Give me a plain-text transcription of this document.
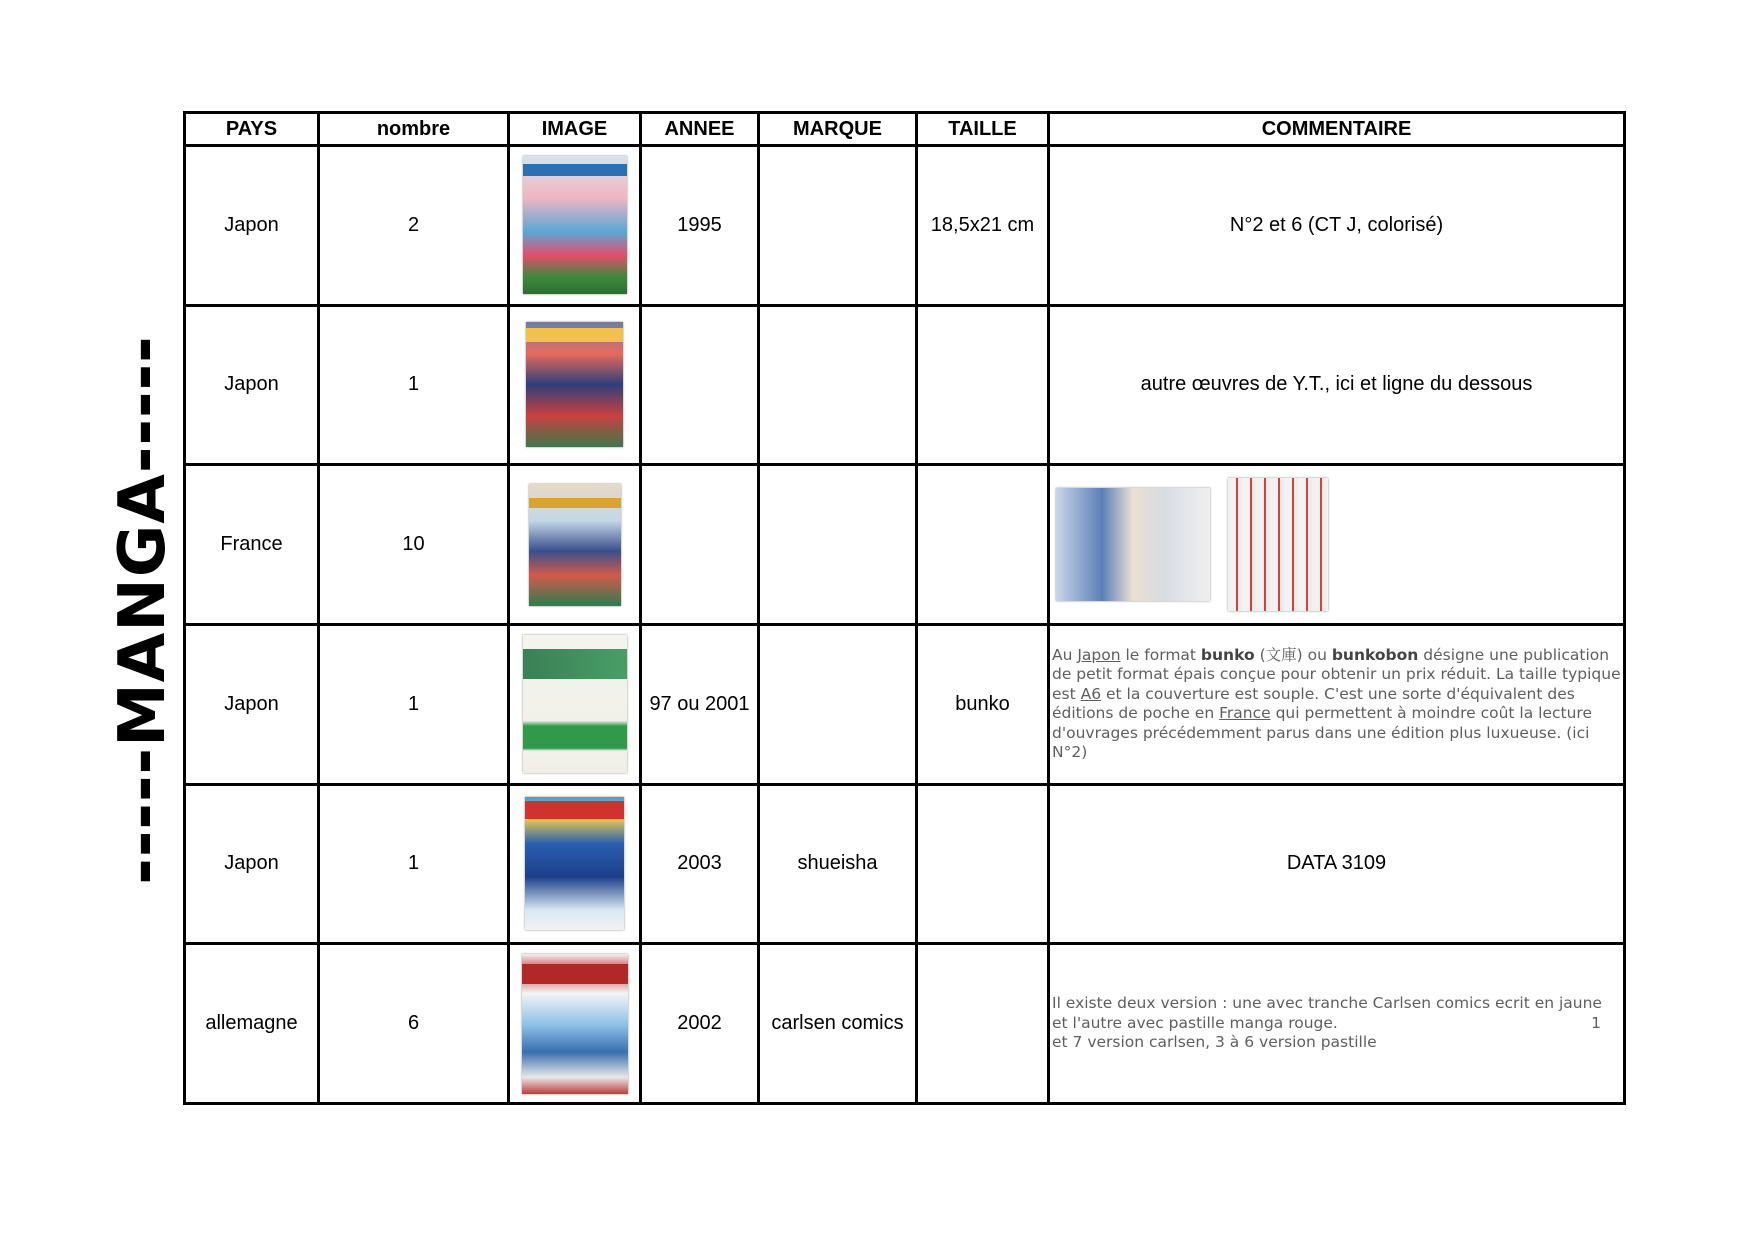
-----MANGA-----
PAYS	nombre	IMAGE	ANNEE	MARQUE	TAILLE	COMMENTAIRE
Japon	2		1995		18,5x21 cm	N°2 et 6 (CT J, colorisé)
Japon	1					autre œuvres de Y.T., ici et ligne du dessous
France	10	

Japon	1		97 ou 2001		bunko	Au Japon le format bunko (文庫) ou bunkobon désigne une publication de petit format épais conçue pour obtenir un prix réduit. La taille typique est A6 et la couverture est souple. C'est une sorte d'équivalent des éditions de poche en France qui permettent à moindre coût la lecture d'ouvrages précédemment parus dans une édition plus luxueuse. (ici N°2)

Japon	1		2003	shueisha		DATA 3109
allemagne	6		2002	carlsen comics		Il existe deux version : une avec tranche Carlsen comics ecrit en jaune et l'autre avec pastille manga rouge. 1

et 7 version carlsen, 3 à 6 version pastille
